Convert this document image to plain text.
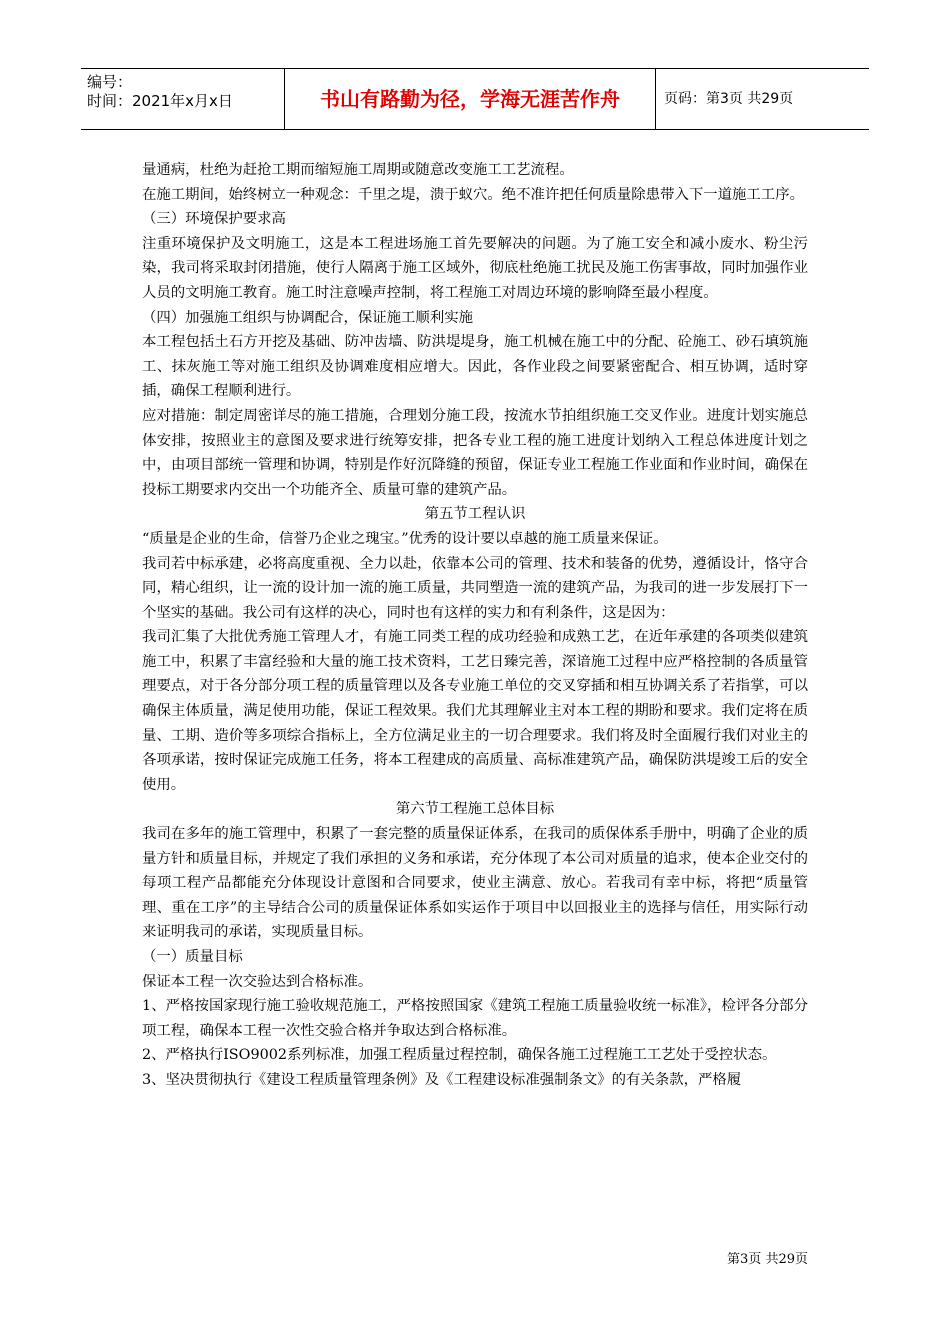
编号：
时间：2021年x月x日	书山有路勤为径，学海无涯苦作舟	页码：第3页 共29页

量通病，杜绝为赶抢工期而缩短施工周期或随意改变施工工艺流程。

在施工期间，始终树立一种观念：千里之堤，溃于蚁穴。绝不准许把任何质量除患带入下一道施工工序。

（三）环境保护要求高

注重环境保护及文明施工，这是本工程进场施工首先要解决的问题。为了施工安全和减小废水、粉尘污染，我司将采取封闭措施，使行人隔离于施工区域外，彻底杜绝施工扰民及施工伤害事故，同时加强作业人员的文明施工教育。施工时注意噪声控制，将工程施工对周边环境的影响降至最小程度。

（四）加强施工组织与协调配合，保证施工顺利实施

本工程包括土石方开挖及基础、防冲齿墙、防洪堤堤身，施工机械在施工中的分配、砼施工、砂石填筑施工、抹灰施工等对施工组织及协调难度相应增大。因此，各作业段之间要紧密配合、相互协调，适时穿插，确保工程顺利进行。

应对措施：制定周密详尽的施工措施，合理划分施工段，按流水节拍组织施工交叉作业。进度计划实施总体安排，按照业主的意图及要求进行统筹安排，把各专业工程的施工进度计划纳入工程总体进度计划之中，由项目部统一管理和协调，特别是作好沉降缝的预留，保证专业工程施工作业面和作业时间，确保在投标工期要求内交出一个功能齐全、质量可靠的建筑产品。

第五节工程认识

“质量是企业的生命，信誉乃企业之瑰宝。”优秀的设计要以卓越的施工质量来保证。

我司若中标承建，必将高度重视、全力以赴，依靠本公司的管理、技术和装备的优势，遵循设计，恪守合同，精心组织，让一流的设计加一流的施工质量，共同塑造一流的建筑产品，为我司的进一步发展打下一个坚实的基础。我公司有这样的决心，同时也有这样的实力和有利条件，这是因为：

我司汇集了大批优秀施工管理人才，有施工同类工程的成功经验和成熟工艺，在近年承建的各项类似建筑施工中，积累了丰富经验和大量的施工技术资料，工艺日臻完善，深谙施工过程中应严格控制的各质量管理要点，对于各分部分项工程的质量管理以及各专业施工单位的交叉穿插和相互协调关系了若指掌，可以确保主体质量，满足使用功能，保证工程效果。我们尤其理解业主对本工程的期盼和要求。我们定将在质量、工期、造价等多项综合指标上，全方位满足业主的一切合理要求。我们将及时全面履行我们对业主的各项承诺，按时保证完成施工任务，将本工程建成的高质量、高标准建筑产品，确保防洪堤竣工后的安全使用。

第六节工程施工总体目标

我司在多年的施工管理中，积累了一套完整的质量保证体系，在我司的质保体系手册中，明确了企业的质量方针和质量目标，并规定了我们承担的义务和承诺，充分体现了本公司对质量的追求，使本企业交付的每项工程产品都能充分体现设计意图和合同要求，使业主满意、放心。若我司有幸中标，将把“质量管理、重在工序”的主导结合公司的质量保证体系如实运作于项目中以回报业主的选择与信任，用实际行动来证明我司的承诺，实现质量目标。

（一）质量目标

保证本工程一次交验达到合格标准。

1、严格按国家现行施工验收规范施工，严格按照国家《建筑工程施工质量验收统一标准》，检评各分部分项工程，确保本工程一次性交验合格并争取达到合格标准。

2、严格执行ISO9002系列标准，加强工程质量过程控制，确保各施工过程施工工艺处于受控状态。

3、坚决贯彻执行《建设工程质量管理条例》及《工程建设标准强制条文》的有关条款，严格履

第3页 共29页
